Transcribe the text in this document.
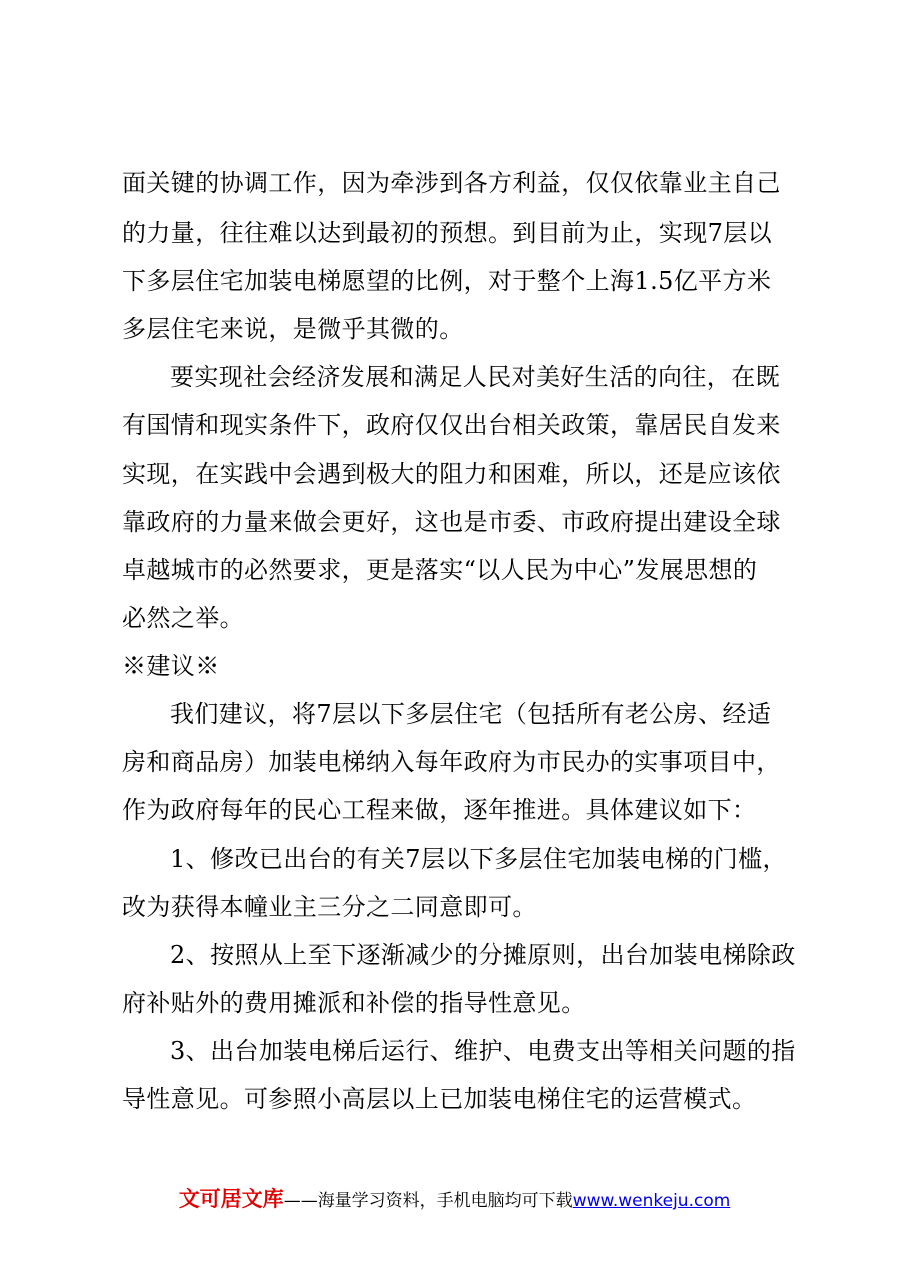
面关键的协调工作，因为牵涉到各方利益，仅仅依靠业主自己
的力量，往往难以达到最初的预想。到目前为止，实现7层以
下多层住宅加装电梯愿望的比例，对于整个上海1.5亿平方米
多层住宅来说，是微乎其微的。
要实现社会经济发展和满足人民对美好生活的向往，在既
有国情和现实条件下，政府仅仅出台相关政策，靠居民自发来
实现，在实践中会遇到极大的阻力和困难，所以，还是应该依
靠政府的力量来做会更好，这也是市委、市政府提出建设全球
卓越城市的必然要求，更是落实“以人民为中心”发展思想的
必然之举。
※建议※
我们建议，将7层以下多层住宅（包括所有老公房、经适
房和商品房）加装电梯纳入每年政府为市民办的实事项目中，
作为政府每年的民心工程来做，逐年推进。具体建议如下：
1、修改已出台的有关7层以下多层住宅加装电梯的门槛，
改为获得本幢业主三分之二同意即可。
2、按照从上至下逐渐减少的分摊原则，出台加装电梯除政
府补贴外的费用摊派和补偿的指导性意见。
3、出台加装电梯后运行、维护、电费支出等相关问题的指
导性意见。可参照小高层以上已加装电梯住宅的运营模式。
文可居文库——海量学习资料，手机电脑均可下载www.wenkeju.com
